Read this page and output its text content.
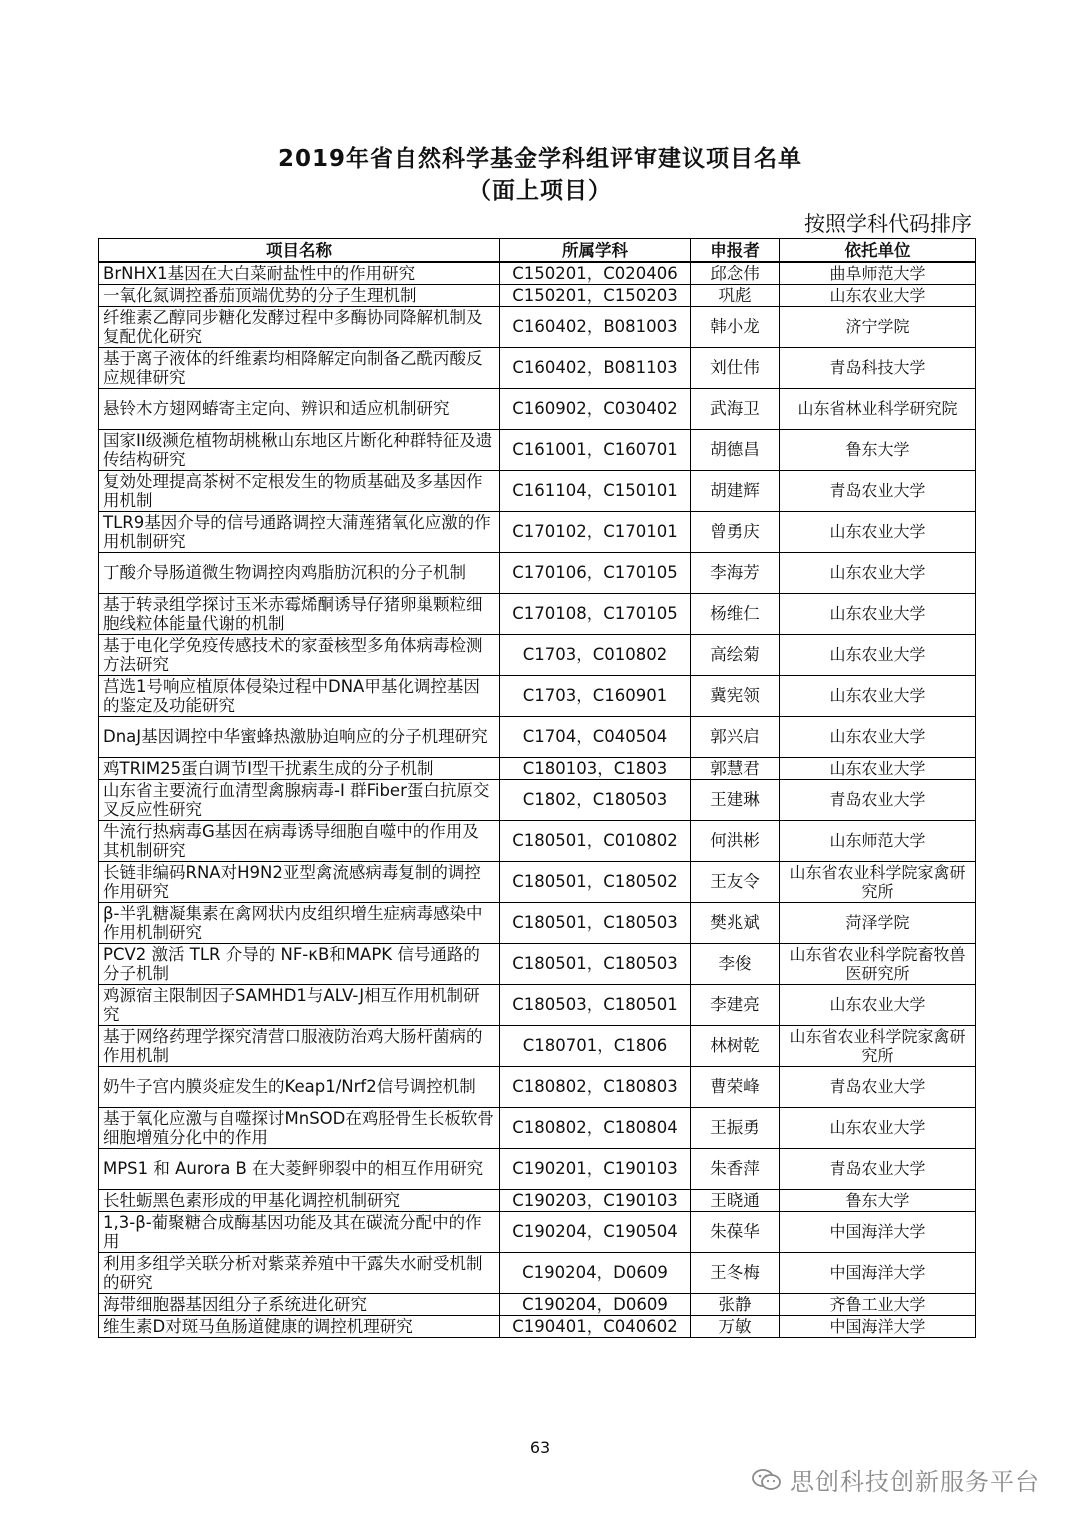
2019年省自然科学基金学科组评审建议项目名单
（面上项目）
按照学科代码排序
项目名称	所属学科	申报者	依托单位
BrNHX1基因在大白菜耐盐性中的作用研究	C150201，C020406	邱念伟	曲阜师范大学
一氧化氮调控番茄顶端优势的分子生理机制	C150201，C150203	巩彪	山东农业大学
纤维素乙醇同步糖化发酵过程中多酶协同降解机制及复配优化研究	C160402，B081003	韩小龙	济宁学院
基于离子液体的纤维素均相降解定向制备乙酰丙酸反应规律研究	C160402，B081103	刘仕伟	青岛科技大学
悬铃木方翅网蝽寄主定向、辨识和适应机制研究	C160902，C030402	武海卫	山东省林业科学研究院
国家II级濒危植物胡桃楸山东地区片断化种群特征及遗传结构研究	C161001，C160701	胡德昌	鲁东大学
复効处理提高茶树不定根发生的物质基础及多基因作用机制	C161104，C150101	胡建辉	青岛农业大学
TLR9基因介导的信号通路调控大蒲莲猪氧化应激的作用机制研究	C170102，C170101	曾勇庆	山东农业大学
丁酸介导肠道微生物调控肉鸡脂肪沉积的分子机制	C170106，C170105	李海芳	山东农业大学
基于转录组学探讨玉米赤霉烯酮诱导仔猪卵巢颗粒细胞线粒体能量代谢的机制	C170108，C170105	杨维仁	山东农业大学
基于电化学免疫传感技术的家蚕核型多角体病毒检测方法研究	C1703，C010802	高绘菊	山东农业大学
莒选1号响应植原体侵染过程中DNA甲基化调控基因的鉴定及功能研究	C1703，C160901	冀宪领	山东农业大学
DnaJ基因调控中华蜜蜂热激胁迫响应的分子机理研究	C1704，C040504	郭兴启	山东农业大学
鸡TRIM25蛋白调节I型干扰素生成的分子机制	C180103，C1803	郭慧君	山东农业大学
山东省主要流行血清型禽腺病毒-I 群Fiber蛋白抗原交叉反应性研究	C1802，C180503	王建琳	青岛农业大学
牛流行热病毒G基因在病毒诱导细胞自噬中的作用及其机制研究	C180501，C010802	何洪彬	山东师范大学
长链非编码RNA对H9N2亚型禽流感病毒复制的调控作用研究	C180501，C180502	王友令	山东省农业科学院家禽研究所
β-半乳糖凝集素在禽网状内皮组织增生症病毒感染中作用机制研究	C180501，C180503	樊兆斌	菏泽学院
PCV2 激活 TLR 介导的 NF-κB和MAPK 信号通路的分子机制	C180501，C180503	李俊	山东省农业科学院畜牧兽医研究所
鸡源宿主限制因子SAMHD1与ALV-J相互作用机制研究	C180503，C180501	李建亮	山东农业大学
基于网络药理学探究清营口服液防治鸡大肠杆菌病的作用机制	C180701，C1806	林树乾	山东省农业科学院家禽研究所
奶牛子宫内膜炎症发生的Keap1/Nrf2信号调控机制	C180802，C180803	曹荣峰	青岛农业大学
基于氧化应激与自噬探讨MnSOD在鸡胫骨生长板软骨细胞增殖分化中的作用	C180802，C180804	王振勇	山东农业大学
MPS1 和 Aurora B 在大菱鲆卵裂中的相互作用研究	C190201，C190103	朱香萍	青岛农业大学
长牡蛎黑色素形成的甲基化调控机制研究	C190203，C190103	王晓通	鲁东大学
1,3-β-葡聚糖合成酶基因功能及其在碳流分配中的作用	C190204，C190504	朱葆华	中国海洋大学
利用多组学关联分析对紫菜养殖中干露失水耐受机制的研究	C190204，D0609	王冬梅	中国海洋大学
海带细胞器基因组分子系统进化研究	C190204，D0609	张静	齐鲁工业大学
维生素D对斑马鱼肠道健康的调控机理研究	C190401，C040602	万敏	中国海洋大学
63
思创科技创新服务平台
